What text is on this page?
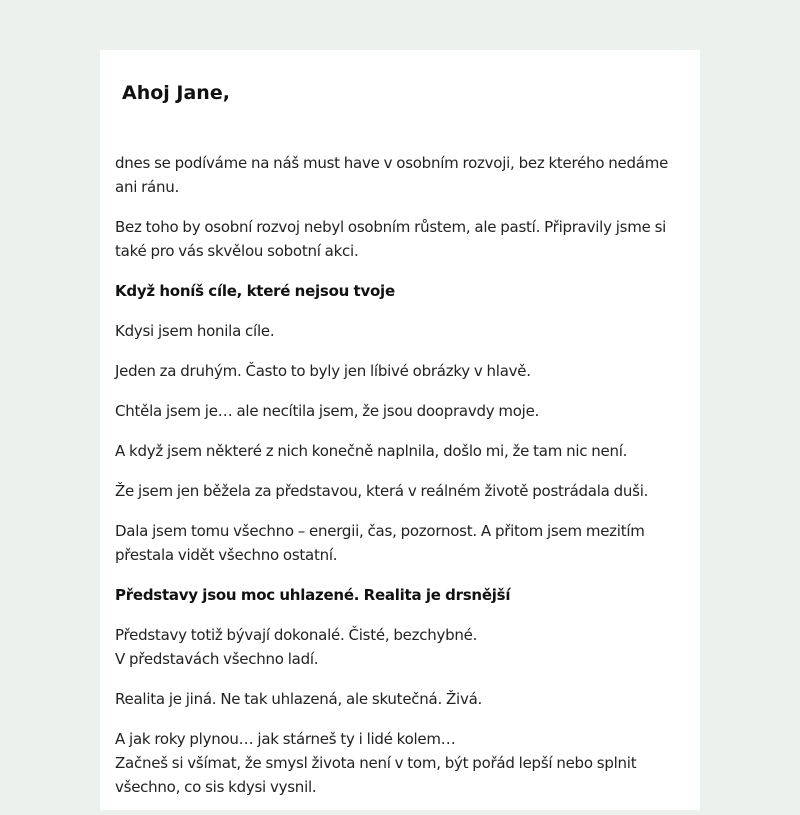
Ahoj Jane,

dnes se podíváme na náš must have v osobním rozvoji, bez kterého nedáme ani ránu.

Bez toho by osobní rozvoj nebyl osobním růstem, ale pastí. Připravily jsme si také pro vás skvělou sobotní akci.

Když honíš cíle, které nejsou tvoje

Kdysi jsem honila cíle.

Jeden za druhým. Často to byly jen líbivé obrázky v hlavě.

Chtěla jsem je… ale necítila jsem, že jsou doopravdy moje.

A když jsem některé z nich konečně naplnila, došlo mi, že tam nic není.

Že jsem jen běžela za představou, která v reálném životě postrádala duši.

Dala jsem tomu všechno – energii, čas, pozornost. A přitom jsem mezitím přestala vidět všechno ostatní.

Představy jsou moc uhlazené. Realita je drsnější

Představy totiž bývají dokonalé. Čisté, bezchybné.
V představách všechno ladí.

Realita je jiná. Ne tak uhlazená, ale skutečná. Živá.

A jak roky plynou… jak stárneš ty i lidé kolem…
Začneš si všímat, že smysl života není v tom, být pořád lepší nebo splnit všechno, co sis kdysi vysnil.
